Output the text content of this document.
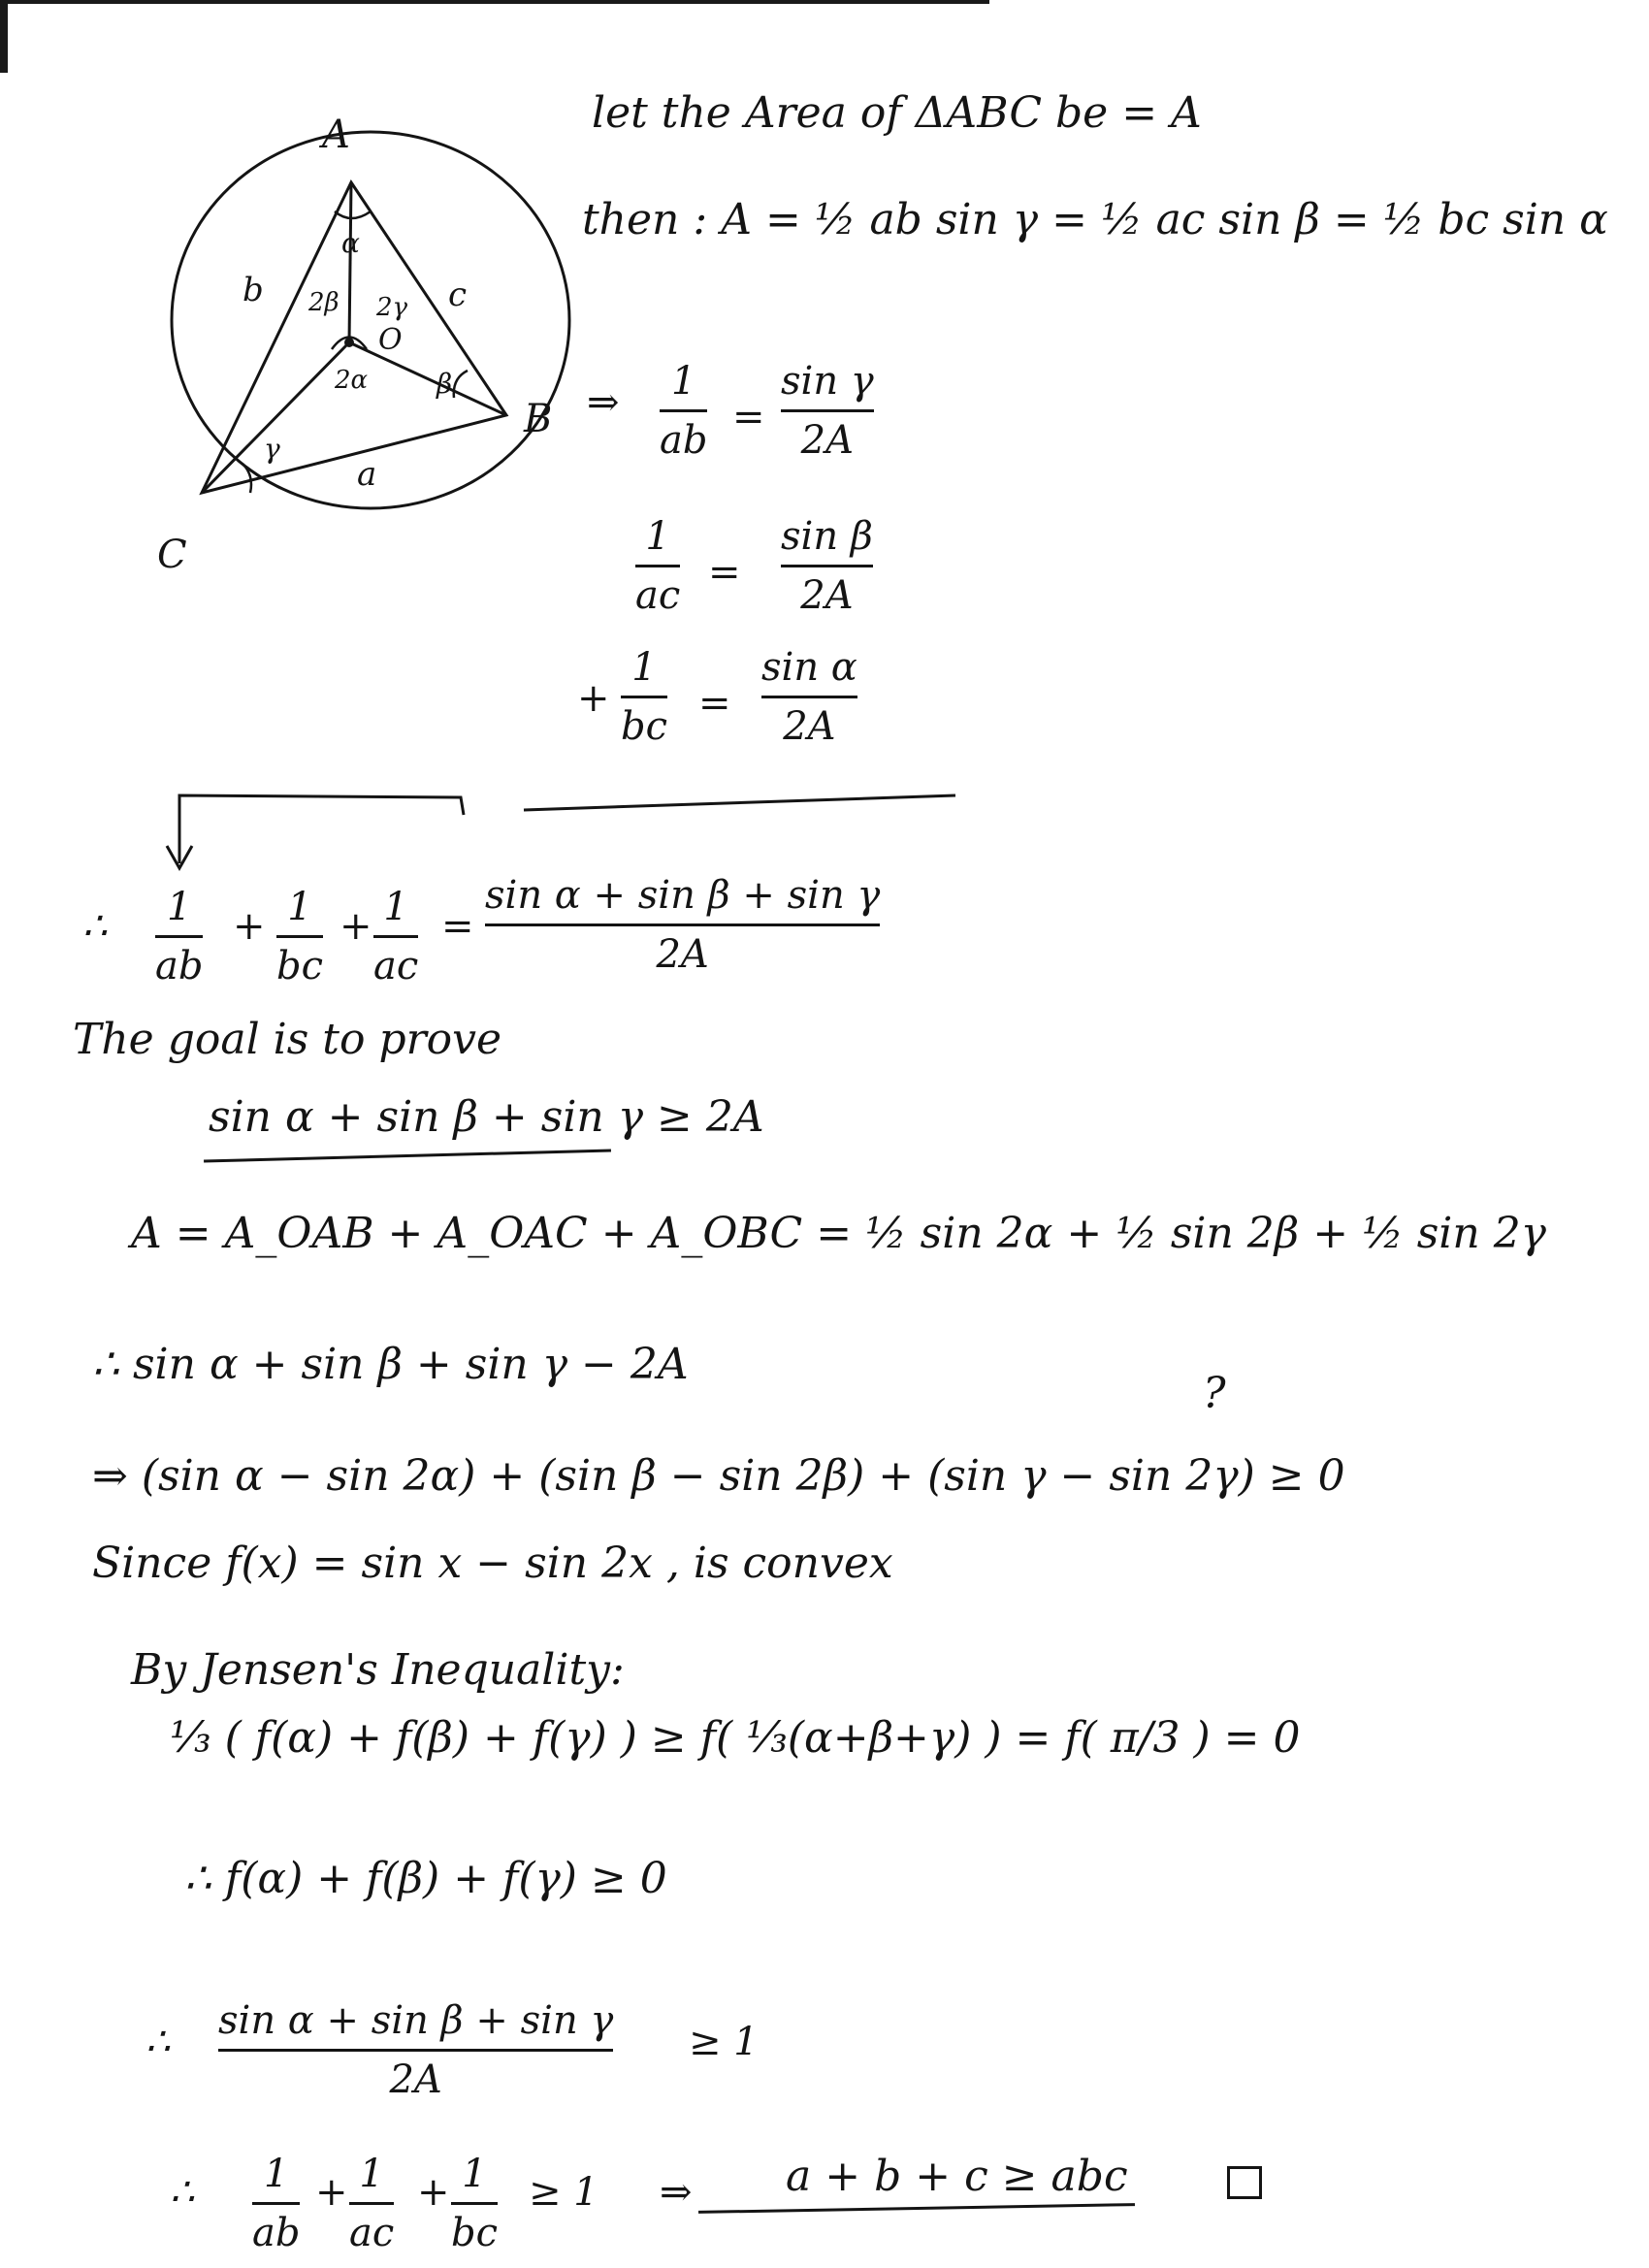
A
B
C
O
a
b	c
α
2β 2γ
2α	β
γ
let the Area of ΔABC be = A
then : A = ½ ab sin γ = ½ ac sin β = ½ bc sin α
⇒ 1
ab
=
sin γ
2A
1
ac
=
sin β
2A
+
1
bc
=
sin α
2A
∴ 1
ab
+ 1
bc
+ 1
ac
=
sin α + sin β + sin γ
2A
The goal is to prove
sin α + sin β + sin γ ≥ 2A
A = A_OAB + A_OAC + A_OBC = ½ sin 2α + ½ sin 2β + ½ sin 2γ
∴ sin α + sin β + sin γ − 2A
⇒ (sin α − sin 2α) + (sin β − sin 2β) + (sin γ − sin 2γ) ≥ 0
?
Since f(x) = sin x − sin 2x , is convex
By Jensen's Inequality:
⅓ ( f(α) + f(β) + f(γ) ) ≥ f( ⅓(α+β+γ) ) = f( π/3 ) = 0
∴ f(α) + f(β) + f(γ) ≥ 0
∴ sin α + sin β + sin γ
2A
≥ 1
∴ 1
ab
+ 1
ac
+ 1
bc
≥ 1 ⇒ a + b + c ≥ abc
